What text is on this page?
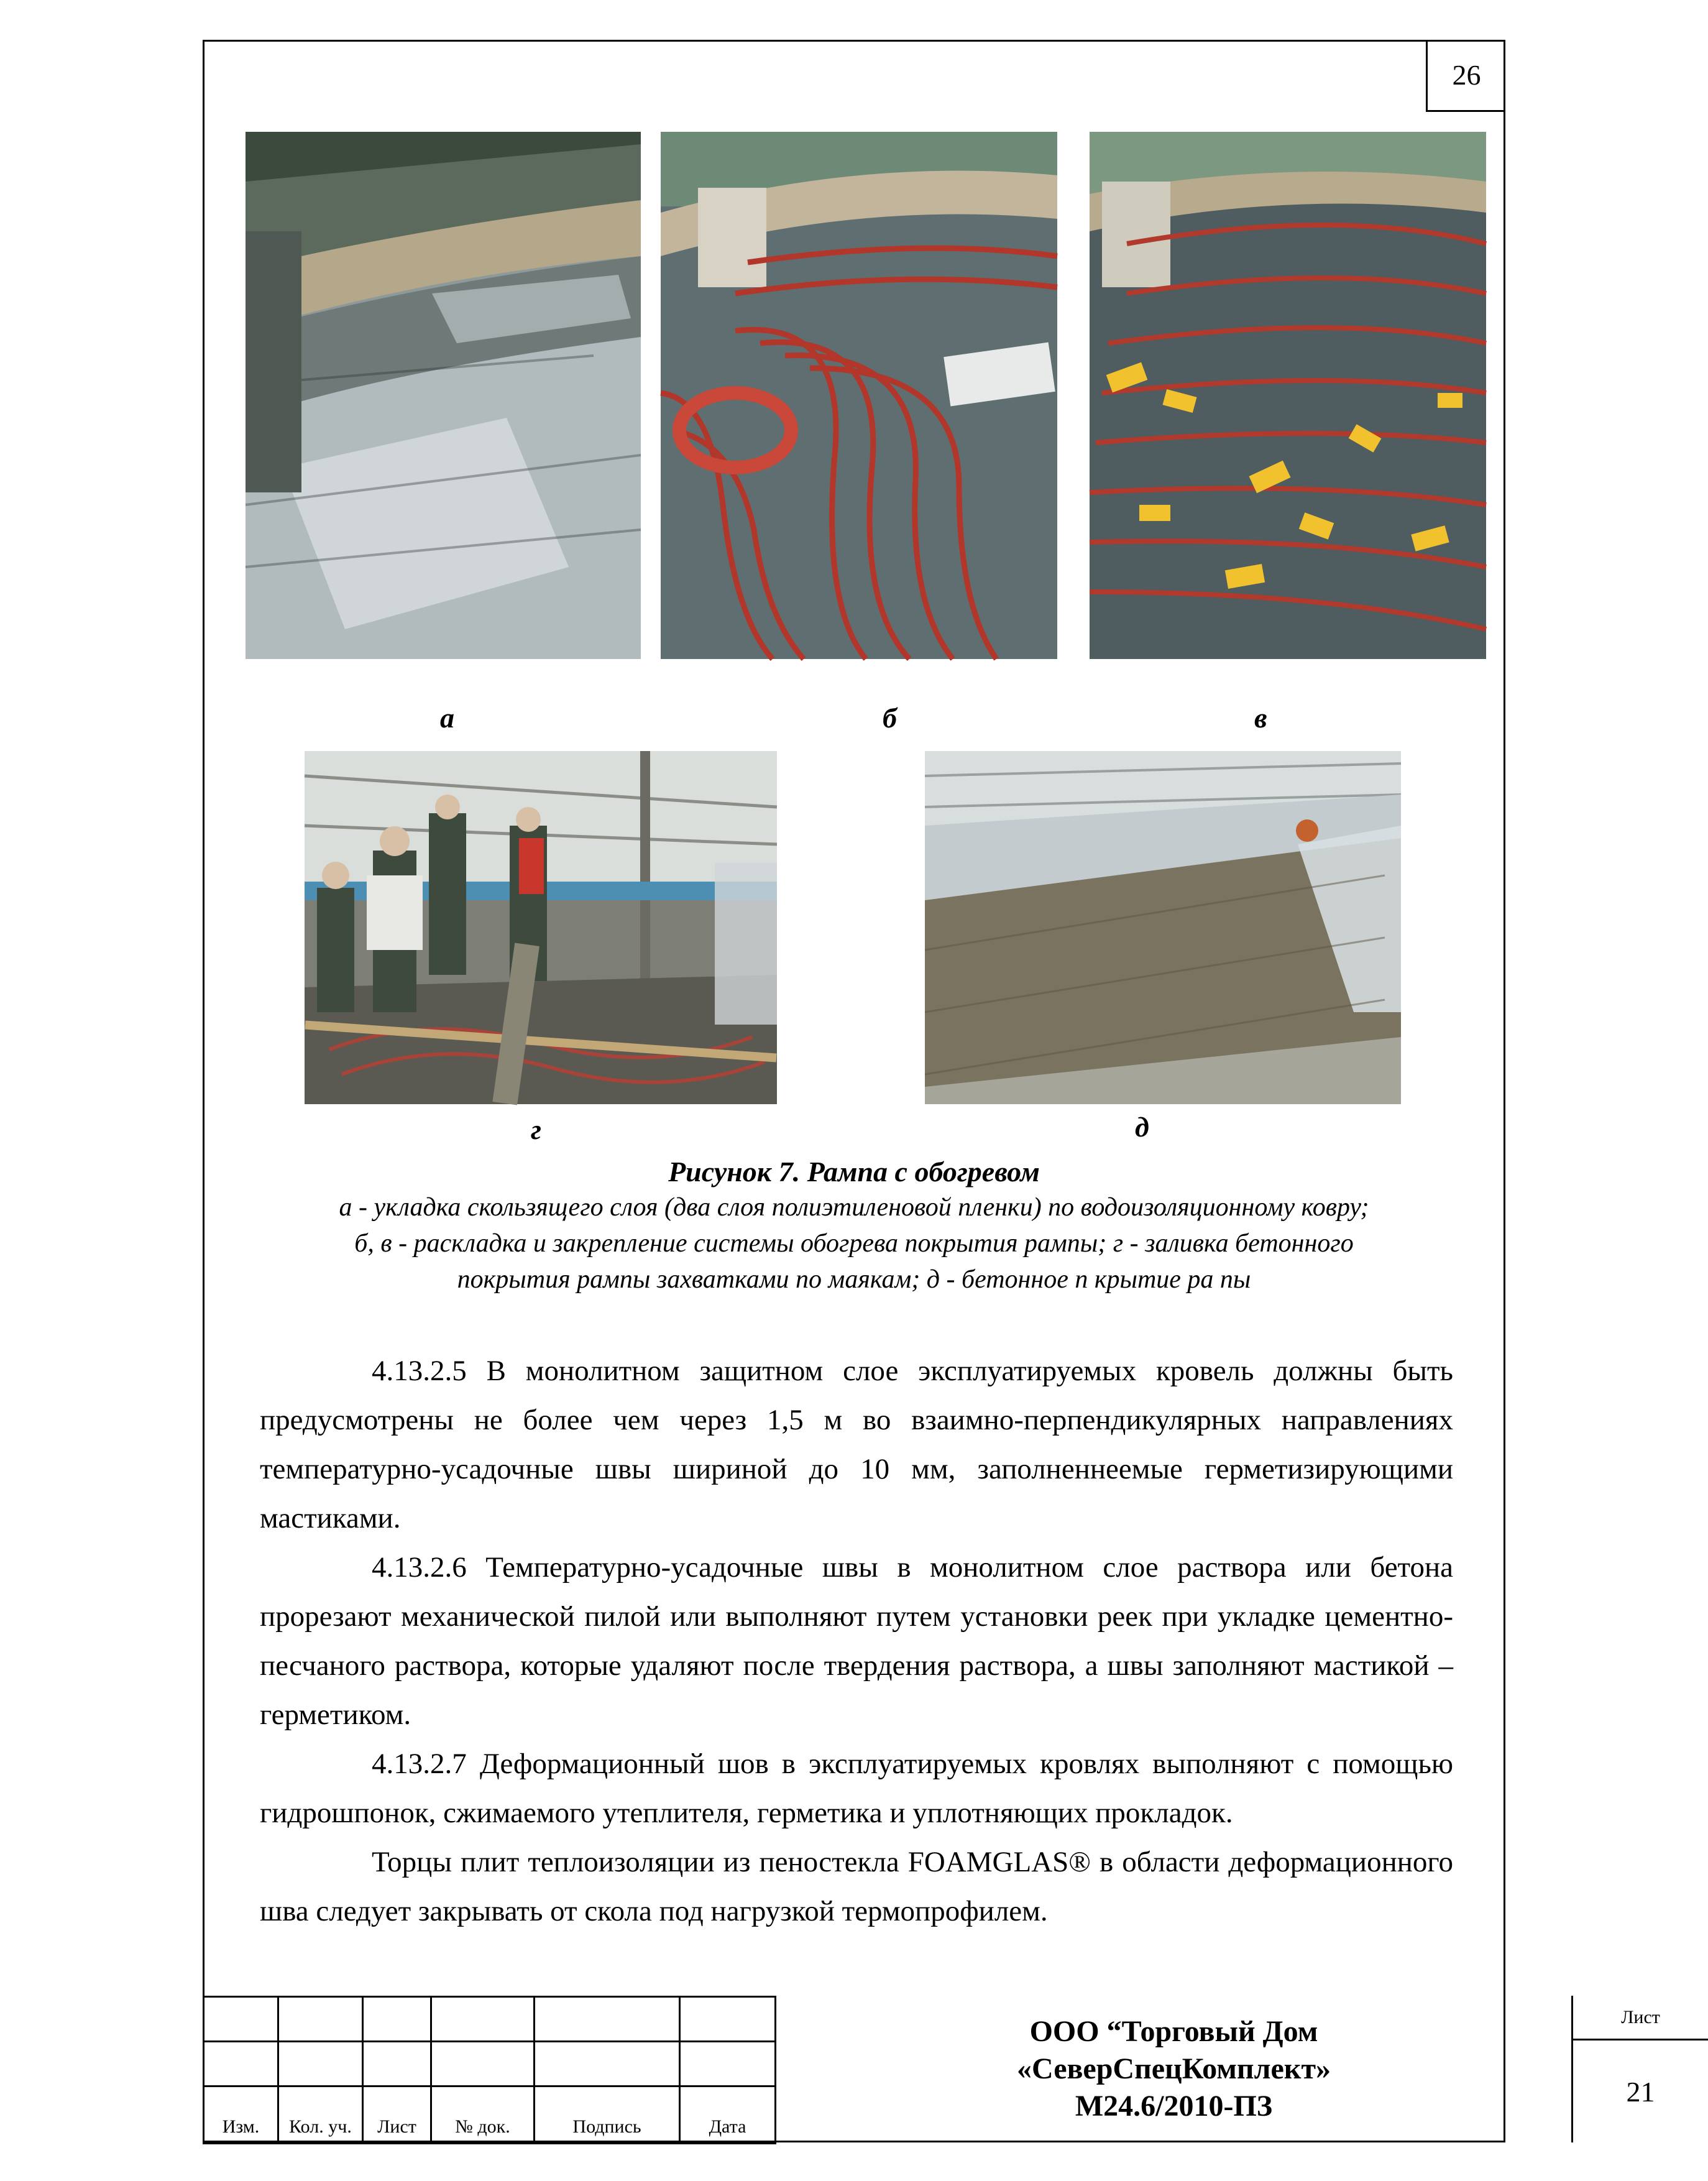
26
а	б	в
г	д
Рисунок 7. Рампа с обогревом
а - укладка скользящего слоя (два слоя полиэтиленовой пленки) по водоизоляционному ковру;
б, в - раскладка и закрепление системы обогрева покрытия рампы; г - заливка бетонного
покрытия рампы захватками по маякам; д - бетонное п крытие ра пы

4.13.2.5 В монолитном защитном слое эксплуатируемых кровель должны быть предусмотрены не более чем через 1,5 м во взаимно-перпендикулярных направлениях температурно-усадочные швы шириной до 10 мм, заполненнеемые герметизирующими мастиками.

4.13.2.6 Температурно-усадочные швы в монолитном слое раствора или бетона прорезают механической пилой или выполняют путем установки реек при укладке цементно-песчаного раствора, которые удаляют после твердения раствора, а швы заполняют мастикой – герметиком.

4.13.2.7 Деформационный шов в эксплуатируемых кровлях выполняют с помощью гидрошпонок, сжимаемого утеплителя, герметика и уплотняющих прокладок.

Торцы плит теплоизоляции из пеностекла FOAMGLAS® в области деформационного шва следует закрывать от скола под нагрузкой термопрофилем.

Изм.	Кол. уч.	Лист	№ док.	Подпись	Дата
ООО “Торговый Дом
«СеверСпецКомплект»
М24.6/2010-ПЗ
Лист
21
